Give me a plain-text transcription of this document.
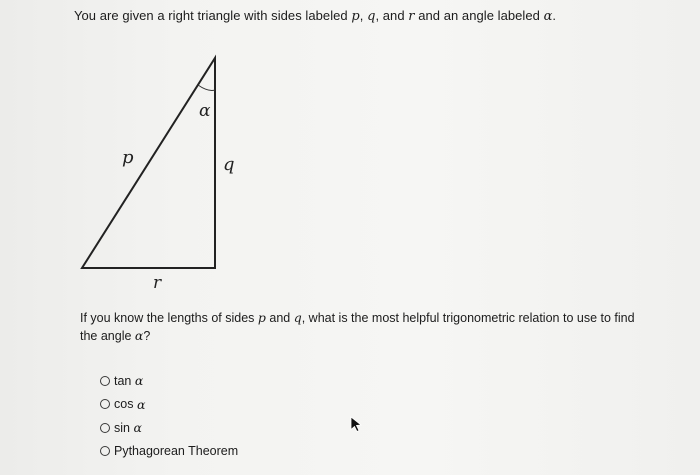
You are given a right triangle with sides labeled p, q, and r and an angle labeled α.
α
p	q
r
If you know the lengths of sides p and q, what is the most helpful trigonometric relation to use to find the angle α?
tan
α
cos
α
sin
α
Pythagorean Theorem
